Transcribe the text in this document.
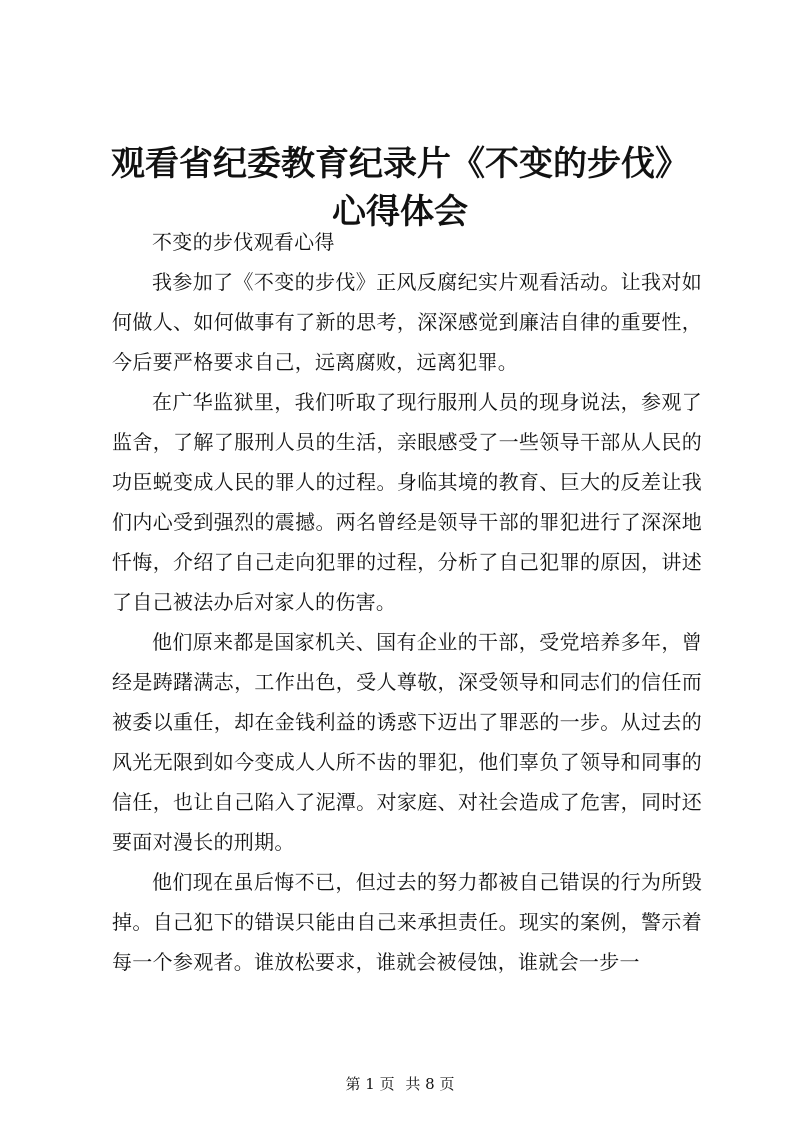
观看省纪委教育纪录片《不变的步伐》心得体会

不变的步伐观看心得

我参加了《不变的步伐》正风反腐纪实片观看活动。让我对如何做人、如何做事有了新的思考，深深感觉到廉洁自律的重要性，今后要严格要求自己，远离腐败，远离犯罪。

在广华监狱里，我们听取了现行服刑人员的现身说法，参观了监舍，了解了服刑人员的生活，亲眼感受了一些领导干部从人民的功臣蜕变成人民的罪人的过程。身临其境的教育、巨大的反差让我们内心受到强烈的震撼。两名曾经是领导干部的罪犯进行了深深地忏悔，介绍了自己走向犯罪的过程，分析了自己犯罪的原因，讲述了自己被法办后对家人的伤害。

他们原来都是国家机关、国有企业的干部，受党培养多年，曾经是踌躇满志，工作出色，受人尊敬，深受领导和同志们的信任而被委以重任，却在金钱利益的诱惑下迈出了罪恶的一步。从过去的风光无限到如今变成人人所不齿的罪犯，他们辜负了领导和同事的信任，也让自己陷入了泥潭。对家庭、对社会造成了危害，同时还要面对漫长的刑期。

他们现在虽后悔不已，但过去的努力都被自己错误的行为所毁掉。自己犯下的错误只能由自己来承担责任。现实的案例，警示着每一个参观者。谁放松要求，谁就会被侵蚀，谁就会一步一

第 1 页 共 8 页
